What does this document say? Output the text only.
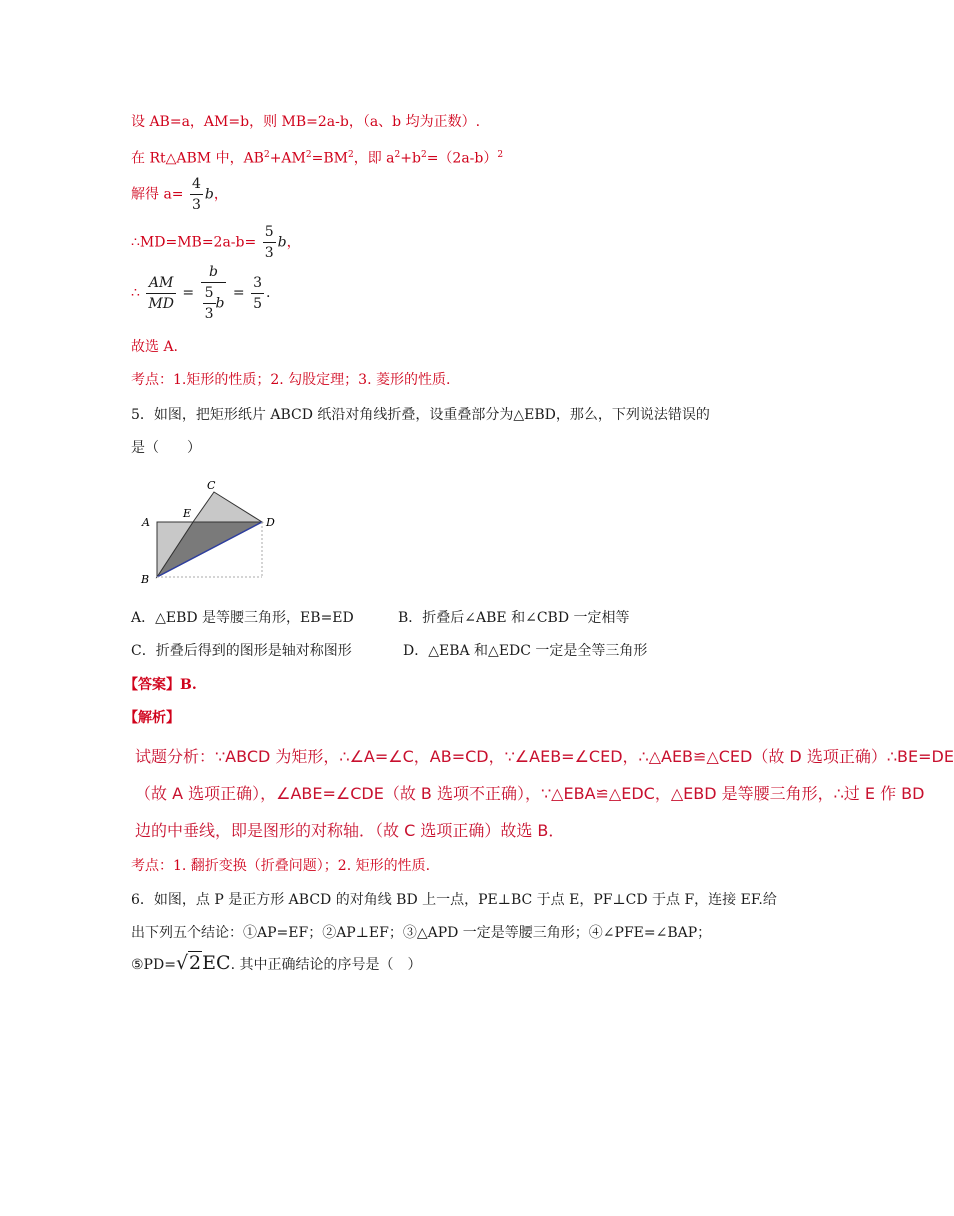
设 AB=a，AM=b，则 MB=2a-b，（a、b 均为正数）.
在 Rt△ABM 中，$AB^2+AM^2=BM^2$，即 $a^2+b^2=(2a-b)^2$
解得 $a= \frac{4}{3}$ b，
∴MD=MB=2a-b= $\frac{5}{3}$ b，
∴ $\frac{AM}{MD} = \frac{b}{\frac{5}{3} b} = \frac{3}{5}$ .
故选 A.
考点：1.矩形的性质；2. 勾股定理；3. 菱形的性质.
5．如图，把矩形纸片 ABCD 纸沿对角线折叠，设重叠部分为△EBD，那么，下列说法错误的
是（　　）
C
A
E
D
B
A．△EBD 是等腰三角形，EB=ED	B．折叠后∠ABE 和∠CBD 一定相等
C．折叠后得到的图形是轴对称图形	D．△EBA 和△EDC 一定是全等三角形
【答案】B.
【解析】
试题分析：∵ABCD 为矩形，∴∠A=∠C，AB=CD，∵∠AEB=∠CED，∴△AEB≌△CED（故 D 选项正确）∴BE=DE
（故 A 选项正确），∠ABE=∠CDE（故 B 选项不正确），∵△EBA≌△EDC，△EBD 是等腰三角形，∴过 E 作 BD
边的中垂线，即是图形的对称轴．（故 C 选项正确）故选 B．
考点：1. 翻折变换（折叠问题）；2. 矩形的性质.
6．如图，点 P 是正方形 ABCD 的对角线 BD 上一点，PE⊥BC 于点 E，PF⊥CD 于点 F，连接 EF.给
出下列五个结论：①AP=EF；②AP⊥EF；③△APD 一定是等腰三角形；④∠PFE=∠BAP；
⑤PD=√2EC. 其中正确结论的序号是（　）
